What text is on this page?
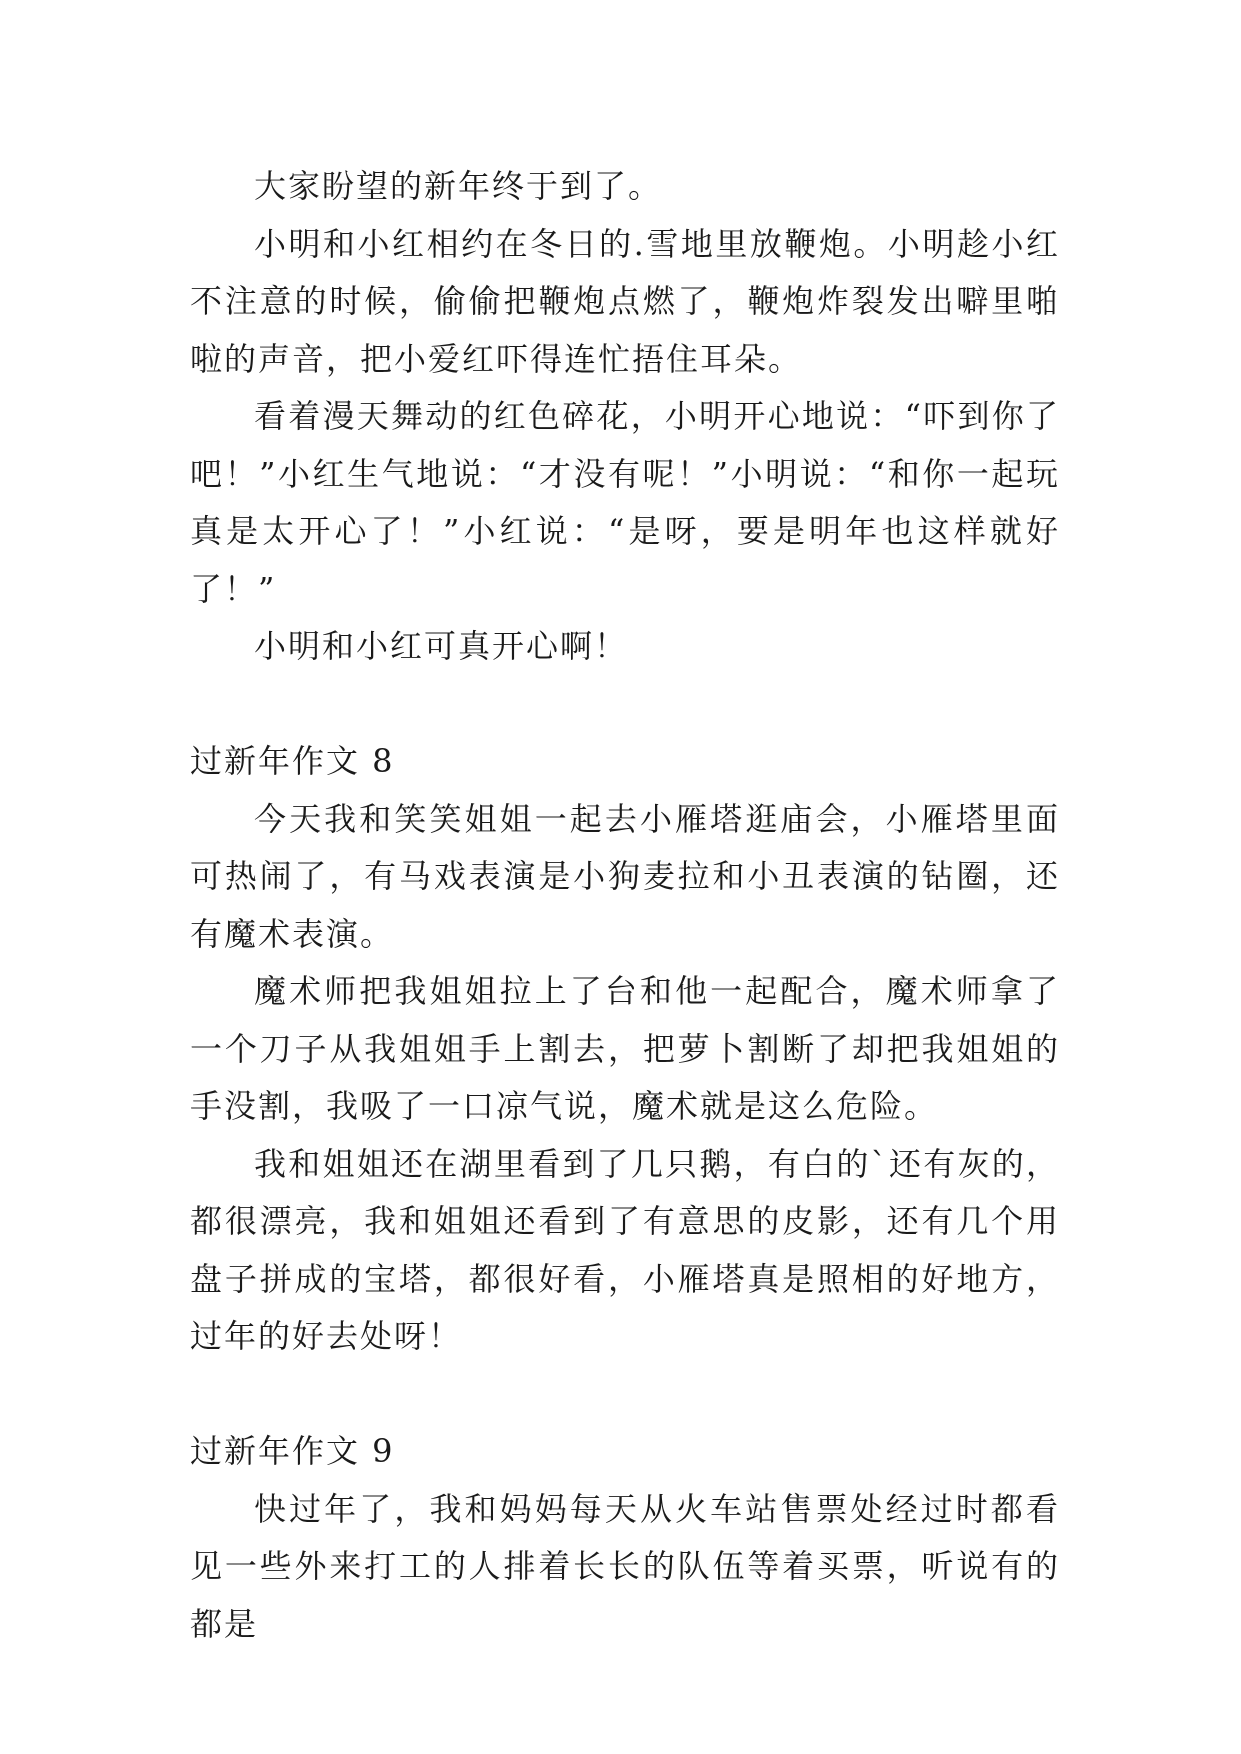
大家盼望的新年终于到了。

小明和小红相约在冬日的.雪地里放鞭炮。小明趁小红不注意的时候，偷偷把鞭炮点燃了，鞭炮炸裂发出噼里啪啦的声音，把小爱红吓得连忙捂住耳朵。

看着漫天舞动的红色碎花，小明开心地说：“吓到你了吧！”小红生气地说：“才没有呢！”小明说：“和你一起玩真是太开心了！”小红说：“是呀，要是明年也这样就好了！”

小明和小红可真开心啊！

过新年作文 8

今天我和笑笑姐姐一起去小雁塔逛庙会，小雁塔里面可热闹了，有马戏表演是小狗麦拉和小丑表演的钻圈，还有魔术表演。

魔术师把我姐姐拉上了台和他一起配合，魔术师拿了一个刀子从我姐姐手上割去，把萝卜割断了却把我姐姐的手没割，我吸了一口凉气说，魔术就是这么危险。

我和姐姐还在湖里看到了几只鹅，有白的`还有灰的，都很漂亮，我和姐姐还看到了有意思的皮影，还有几个用盘子拼成的宝塔，都很好看，小雁塔真是照相的好地方，过年的好去处呀！

过新年作文 9

快过年了，我和妈妈每天从火车站售票处经过时都看见一些外来打工的人排着长长的队伍等着买票，听说有的都是
